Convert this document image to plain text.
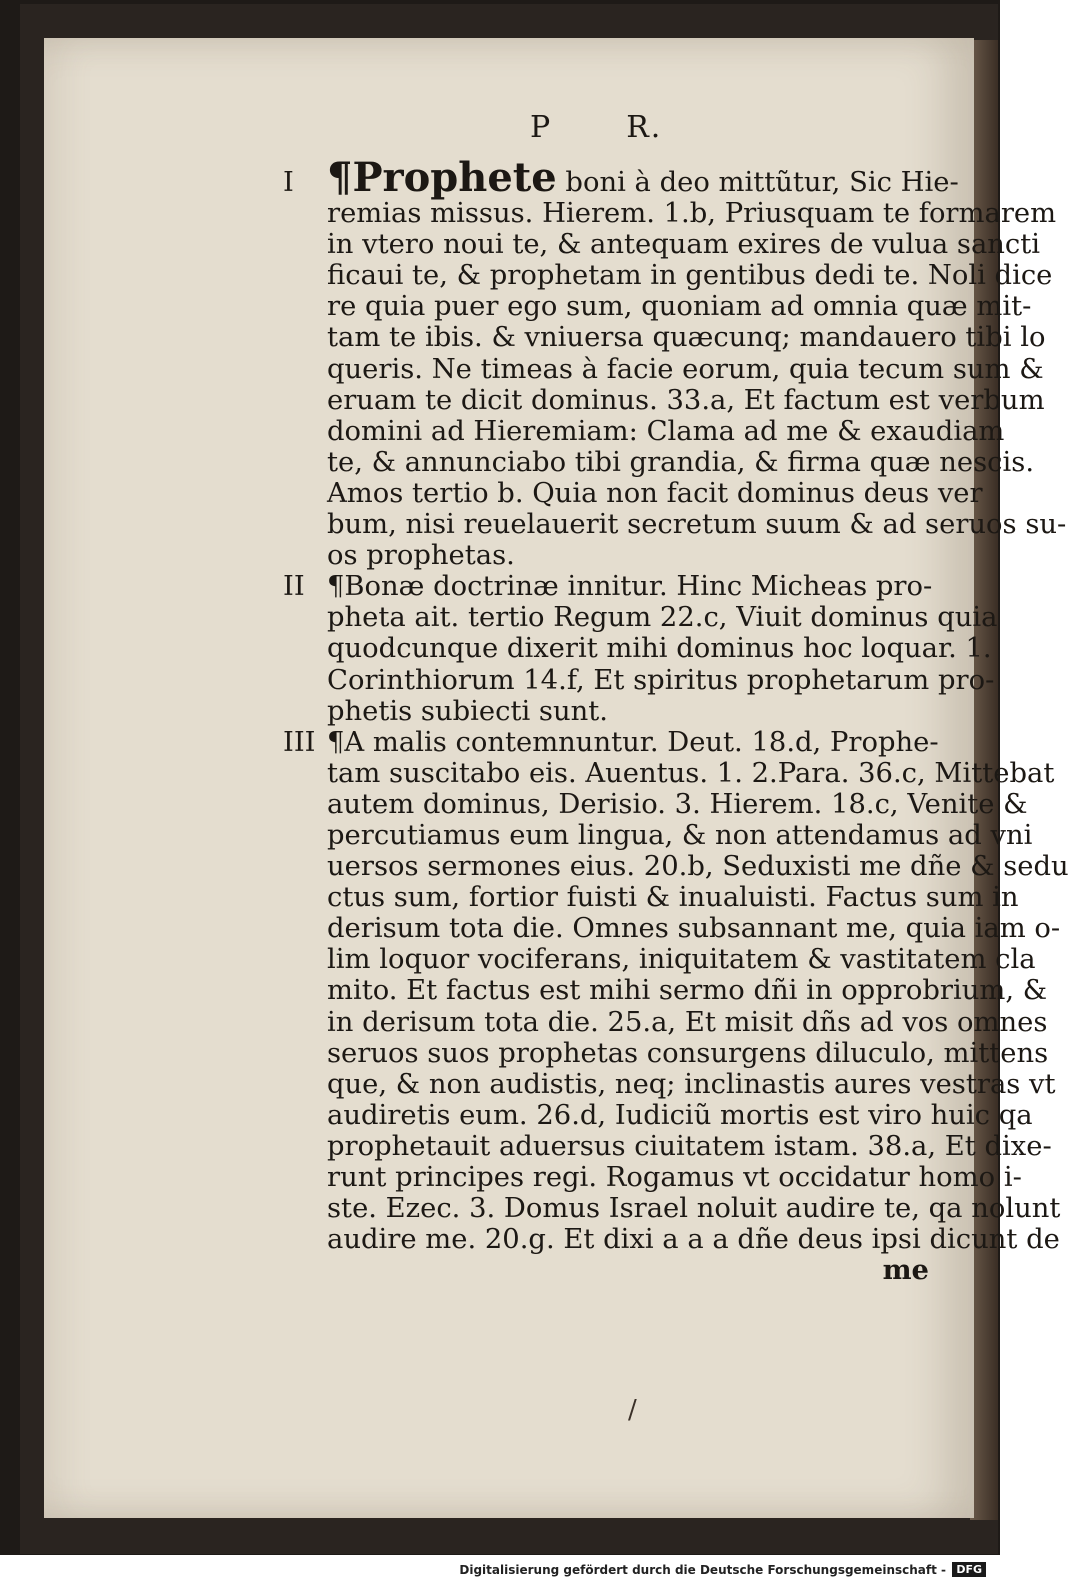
P R.
I ¶Prophete boni à deo mittũtur, Sic Hie-
remias missus. Hierem. 1.b, Priusquam te formarem
in vtero noui te, & antequam exires de vulua sancti
ficaui te, & prophetam in gentibus dedi te. Noli dice
re quia puer ego sum, quoniam ad omnia quæ mit-
tam te ibis. & vniuersa quæcunq; mandauero tibi lo
queris. Ne timeas à facie eorum, quia tecum sum &
eruam te dicit dominus. 33.a, Et factum est verbum
domini ad Hieremiam: Clama ad me & exaudiam
te, & annunciabo tibi grandia, & firma quæ nescis.
Amos tertio b. Quia non facit dominus deus ver
bum, nisi reuelauerit secretum suum & ad seruos su-
os prophetas.
II ¶Bonæ doctrinæ innitur. Hinc Micheas pro-
pheta ait. tertio Regum 22.c, Viuit dominus quia
quodcunque dixerit mihi dominus hoc loquar. 1.
Corinthiorum 14.f, Et spiritus prophetarum pro-
phetis subiecti sunt.
III ¶A malis contemnuntur. Deut. 18.d, Prophe-
tam suscitabo eis. Auentus. 1. 2.Para. 36.c, Mittebat
autem dominus, Derisio. 3. Hierem. 18.c, Venite &
percutiamus eum lingua, & non attendamus ad vni
uersos sermones eius. 20.b, Seduxisti me dñe & sedu
ctus sum, fortior fuisti & inualuisti. Factus sum in
derisum tota die. Omnes subsannant me, quia iam o-
lim loquor vociferans, iniquitatem & vastitatem cla
mito. Et factus est mihi sermo dñi in opprobrium, &
in derisum tota die. 25.a, Et misit dñs ad vos omnes
seruos suos prophetas consurgens diluculo, mittens
que, & non audistis, neq; inclinastis aures vestras vt
audiretis eum. 26.d, Iudiciũ mortis est viro huic qa
prophetauit aduersus ciuitatem istam. 38.a, Et dixe-
runt principes regi. Rogamus vt occidatur homo i-
ste. Ezec. 3. Domus Israel noluit audire te, qa nolunt
audire me. 20.g. Et dixi a a a dñe deus ipsi dicunt de
me
/
Digitalisierung gefördert durch die Deutsche Forschungsgemeinschaft - DFG
